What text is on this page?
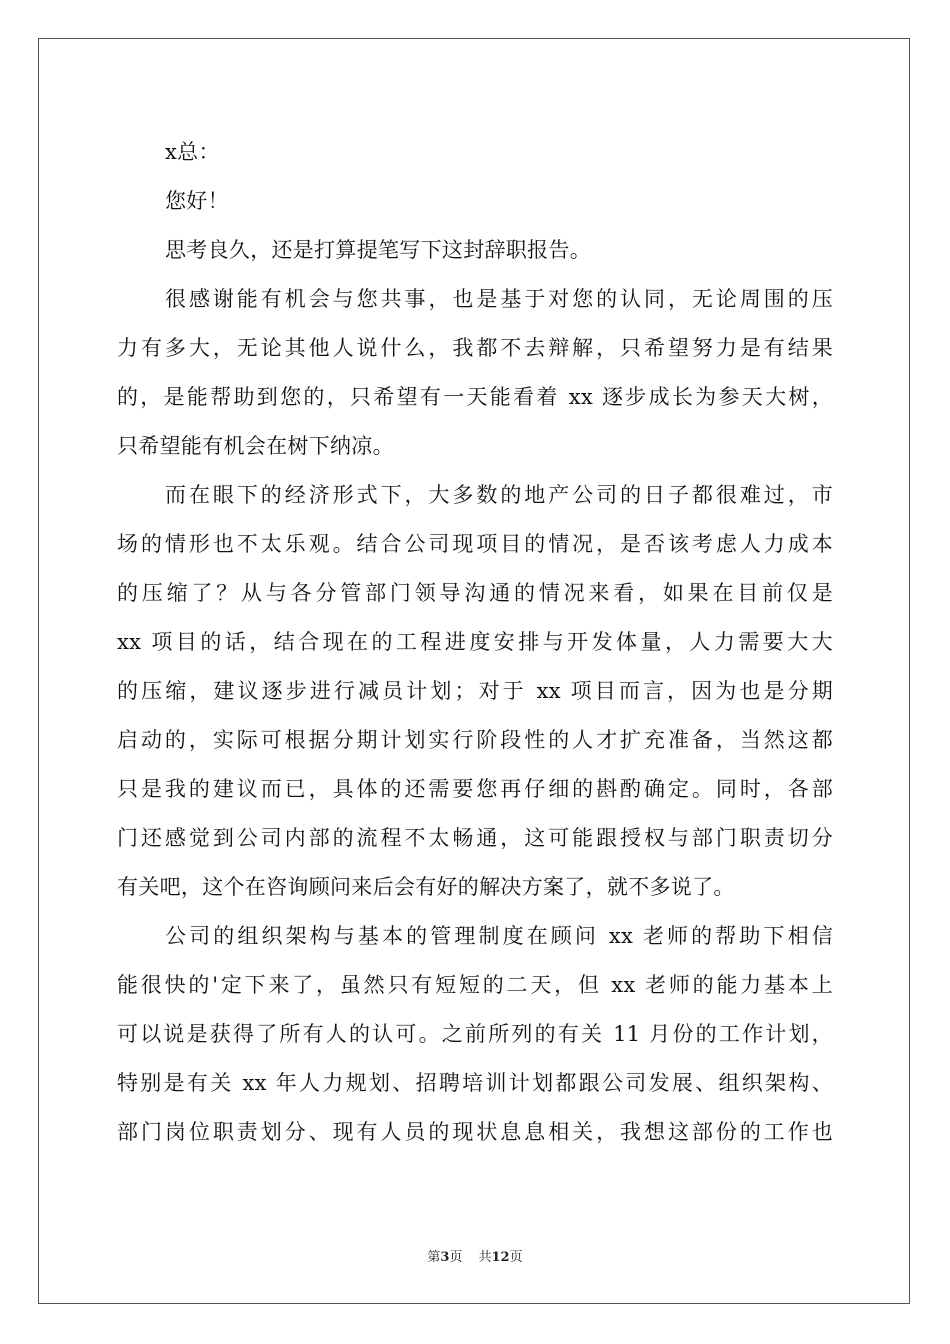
x总：
您好！
思考良久，还是打算提笔写下这封辞职报告。
很感谢能有机会与您共事，也是基于对您的认同，无论周围的压
力有多大，无论其他人说什么，我都不去辩解，只希望努力是有结果
的，是能帮助到您的，只希望有一天能看着 xx 逐步成长为参天大树，
只希望能有机会在树下纳凉。
而在眼下的经济形式下，大多数的地产公司的日子都很难过，市
场的情形也不太乐观。结合公司现项目的情况，是否该考虑人力成本
的压缩了？从与各分管部门领导沟通的情况来看，如果在目前仅是
xx 项目的话，结合现在的工程进度安排与开发体量，人力需要大大
的压缩，建议逐步进行减员计划；对于 xx 项目而言，因为也是分期
启动的，实际可根据分期计划实行阶段性的人才扩充准备，当然这都
只是我的建议而已，具体的还需要您再仔细的斟酌确定。同时，各部
门还感觉到公司内部的流程不太畅通，这可能跟授权与部门职责切分
有关吧，这个在咨询顾问来后会有好的解决方案了，就不多说了。
公司的组织架构与基本的管理制度在顾问 xx 老师的帮助下相信
能很快的'定下来了，虽然只有短短的二天，但 xx 老师的能力基本上
可以说是获得了所有人的认可。之前所列的有关 11 月份的工作计划，
特别是有关 xx 年人力规划、招聘培训计划都跟公司发展、组织架构、
部门岗位职责划分、现有人员的现状息息相关，我想这部份的工作也
第3页 共12页
